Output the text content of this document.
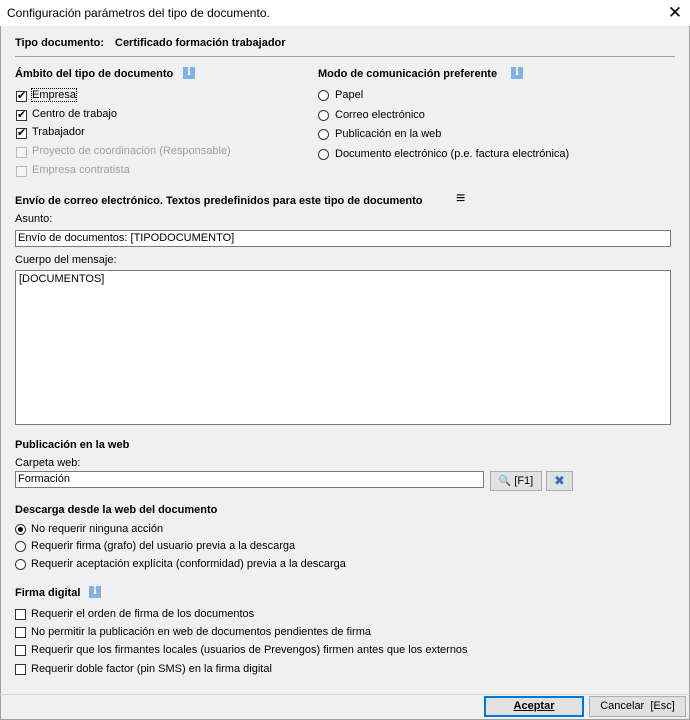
Configuración parámetros del tipo de documento.	✕
Tipo documento: Certificado formación trabajador
Ámbito del tipo de documento	i
✔
Empresa
✔
Centro de trabajo
✔
Trabajador
Proyecto de coordinación (Responsable)
Empresa contratista
Modo de comunicación preferente	i
Papel
Correo electrónico
Publicación en la web
Documento electrónico (p.e. factura electrónica)
Envío de correo electrónico. Textos predefinidos para este tipo de documento ≡
Asunto:
Envío de documentos: [TIPODOCUMENTO]
Cuerpo del mensaje:
[DOCUMENTOS]
Publicación en la web
Carpeta web:
Formación	🔍 [F1]	✖
Descarga desde la web del documento
No requerir ninguna acción
Requerir firma (grafo) del usuario previa a la descarga
Requerir aceptación explícita (conformidad) previa a la descarga
Firma digital	i
Requerir el orden de firma de los documentos
No permitir la publicación en web de documentos pendientes de firma
Requerir que los firmantes locales (usuarios de Prevengos) firmen antes que los externos
Requerir doble factor (pin SMS) en la firma digital
Aceptar	Cancelar  [Esc]
